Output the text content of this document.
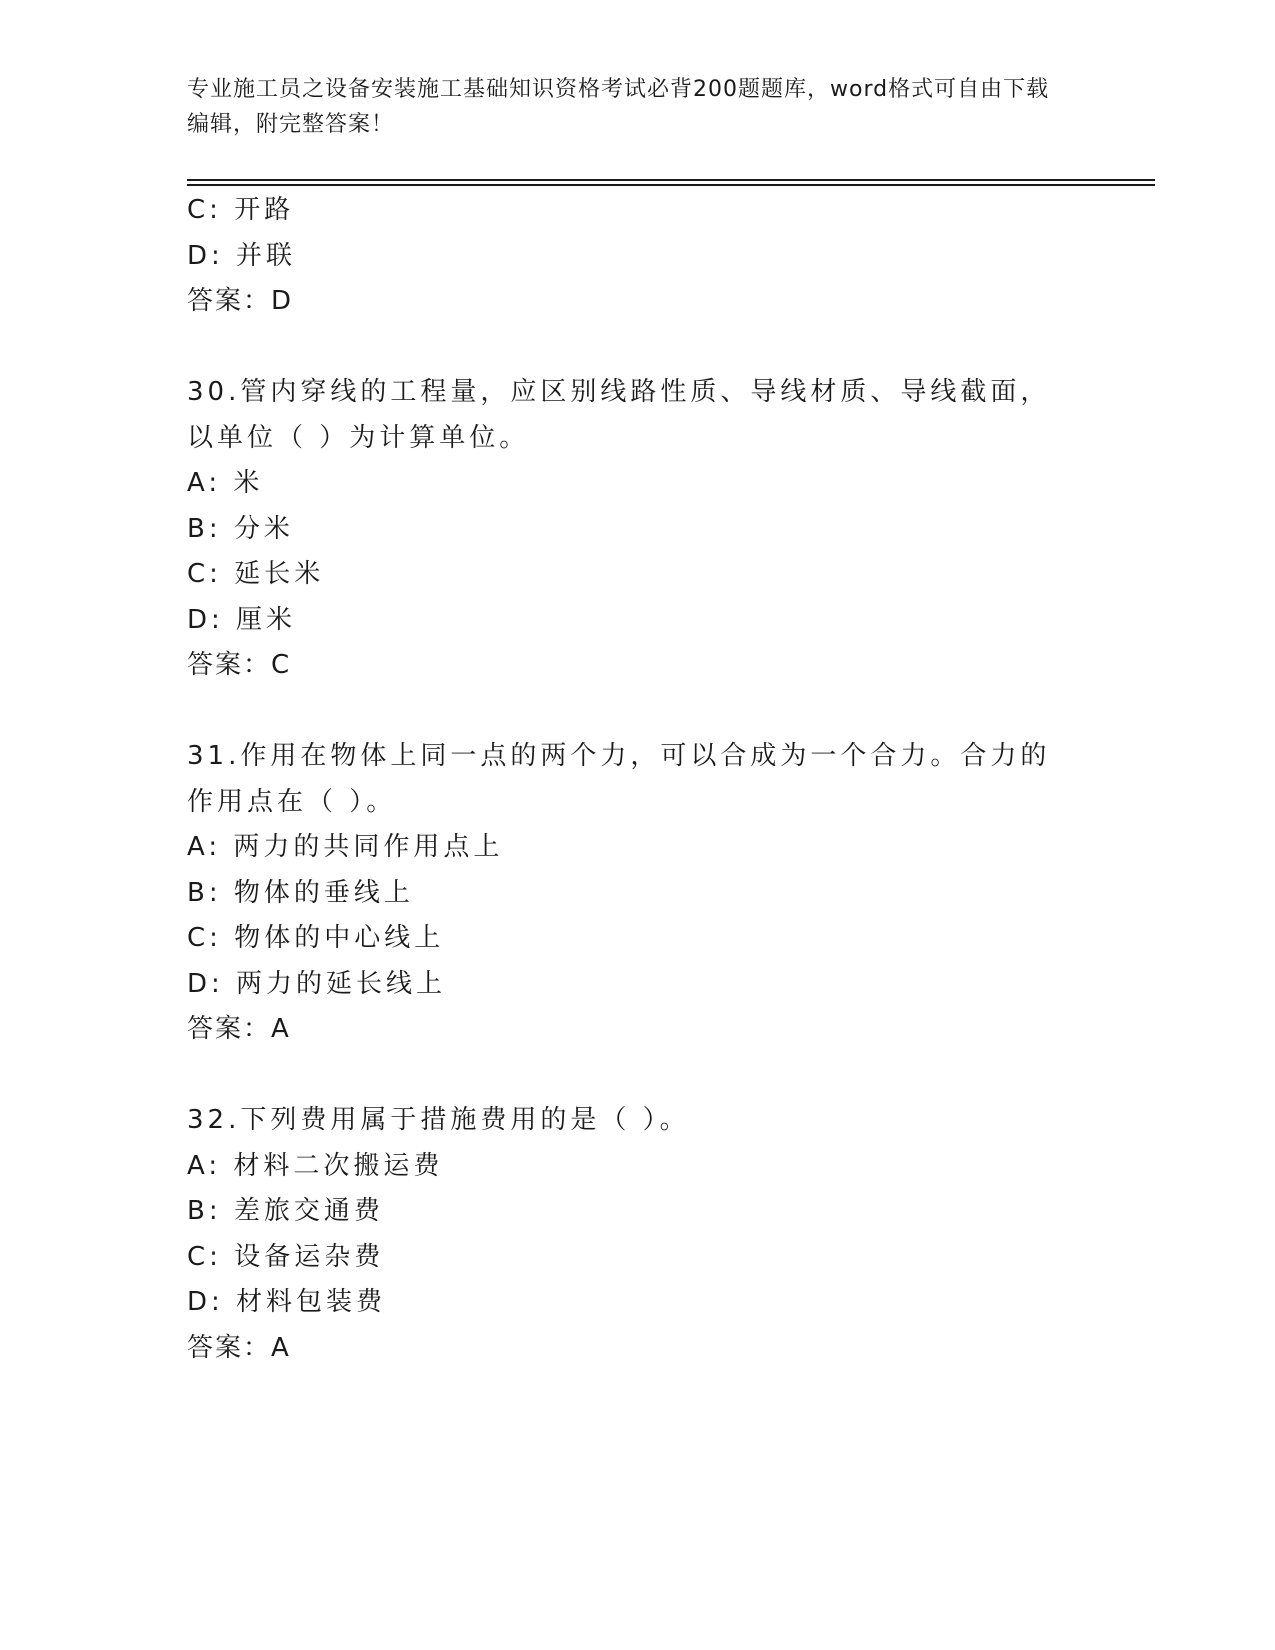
专业施工员之设备安装施工基础知识资格考试必背200题题库，word格式可自由下载编辑，附完整答案！
C: 开路
D: 并联
答案：D
30.管内穿线的工程量，应区别线路性质、导线材质、导线截面，以单位（ ）为计算单位。
A: 米
B: 分米
C: 延长米
D: 厘米
答案：C
31.作用在物体上同一点的两个力，可以合成为一个合力。合力的作用点在（ ）。
A: 两力的共同作用点上
B: 物体的垂线上
C: 物体的中心线上
D: 两力的延长线上
答案：A
32.下列费用属于措施费用的是（ ）。
A: 材料二次搬运费
B: 差旅交通费
C: 设备运杂费
D: 材料包装费
答案：A
